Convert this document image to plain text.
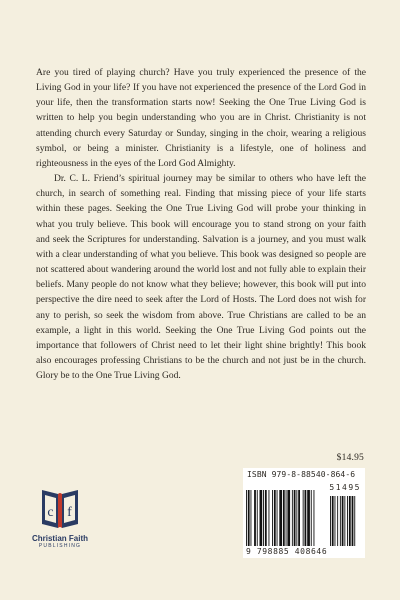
Are you tired of playing church? Have you truly experienced the presence of the Living God in your life? If you have not experienced the presence of the Lord God in your life, then the transformation starts now! Seeking the One True Living God is written to help you begin understanding who you are in Christ. Christianity is not attending church every Saturday or Sunday, singing in the choir, wearing a religious symbol, or being a minister. Christianity is a lifestyle, one of holiness and righteousness in the eyes of the Lord God Almighty.

Dr. C. L. Friend’s spiritual journey may be similar to others who have left the church, in search of something real. Finding that missing piece of your life starts within these pages. Seeking the One True Living God will probe your thinking in what you truly believe. This book will encourage you to stand strong on your faith and seek the Scriptures for understanding. Salvation is a journey, and you must walk with a clear understanding of what you believe. This book was designed so people are not scattered about wandering around the world lost and not fully able to explain their beliefs. Many people do not know what they believe; however, this book will put into perspective the dire need to seek after the Lord of Hosts. The Lord does not wish for any to perish, so seek the wisdom from above. True Christians are called to be an example, a light in this world. Seeking the One True Living God points out the importance that followers of Christ need to let their light shine brightly! This book also encourages professing Christians to be the church and not just be in the church. Glory be to the One True Living God.

$14.95
ISBN 979-8-88540-864-6
51495
9 798885 408646
c f
Christian Faith
PUBLISHING
